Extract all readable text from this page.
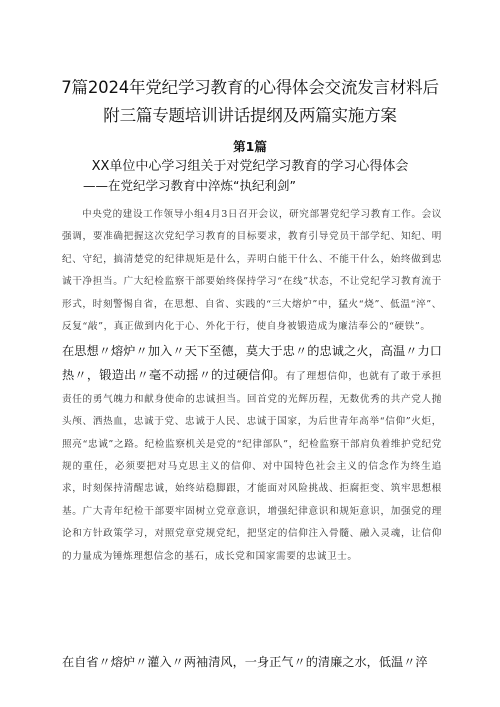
7篇2024年党纪学习教育的心得体会交流发言材料后
附三篇专题培训讲话提纲及两篇实施方案
第1篇
XX单位中心学习组关于对党纪学习教育的学习心得体会
——在党纪学习教育中淬炼“执纪利剑”
中央党的建设工作领导小组4月3日召开会议，研究部署党纪学习教育工作。会议强调，要准确把握这次党纪学习教育的目标要求，教育引导党员干部学纪、知纪、明纪、守纪，搞清楚党的纪律规矩是什么，弄明白能干什么、不能干什么，始终做到忠诚干净担当。广大纪检监察干部要始终保持学习“在线”状态，不让党纪学习教育流于形式，时刻警惕自省，在思想、自省、实践的“三大熔炉”中，猛火“烧”、低温“淬”、反复“敲”，真正做到内化于心、外化于行，使自身被锻造成为廉洁奉公的“硬铁”。
在思想〃熔炉〃加入〃天下至德，莫大于忠〃的忠诚之火，高温〃力口热〃，锻造出〃毫不动摇〃的过硬信仰。有了理想信仰，也就有了敢于承担责任的勇气魄力和献身使命的忠诚担当。回首党的光辉历程，无数优秀的共产党人抛头颅、洒热血，忠诚于党、忠诚于人民、忠诚于国家，为后世青年高举“信仰”火炬，照亮“忠诚”之路。纪检监察机关是党的“纪律部队”，纪检监察干部肩负着维护党纪党规的重任，必须要把对马克思主义的信仰、对中国特色社会主义的信念作为终生追求，时刻保持清醒忠诚，始终站稳脚跟，才能面对风险挑战、拒腐拒变、筑牢思想根基。广大青年纪检干部要牢固树立党章意识，增强纪律意识和规矩意识，加强党的理论和方针政策学习，对照党章党规党纪，把坚定的信仰注入骨髓、融入灵魂，让信仰的力量成为锤炼理想信念的基石，成长党和国家需要的忠诚卫士。
在自省〃熔炉〃灌入〃两袖清风，一身正气〃的清廉之水，低温〃淬
